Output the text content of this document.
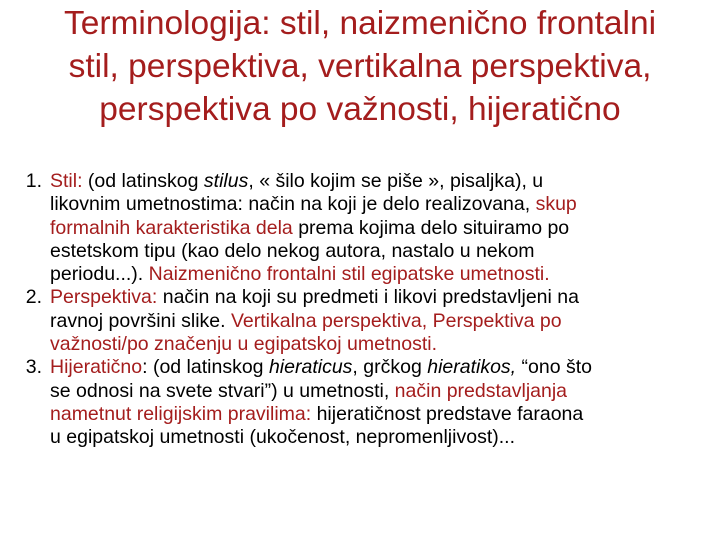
Terminologija: stil, naizmenično frontalni
stil, perspektiva, vertikalna perspektiva,
perspektiva po važnosti, hijeratično
1. Stil: (od latinskog stilus, « šilo kojim se piše », pisaljka), u
likovnim umetnostima: način na koji je delo realizovana, skup
formalnih karakteristika dela prema kojima delo situiramo po
estetskom tipu (kao delo nekog autora, nastalo u nekom
periodu...). Naizmenično frontalni stil egipatske umetnosti.
2. Perspektiva: način na koji su predmeti i likovi predstavljeni na
ravnoj površini slike. Vertikalna perspektiva, Perspektiva po
važnosti/po značenju u egipatskoj umetnosti.
3. Hijeratično: (od latinskog hieraticus, grčkog hieratikos, “ono što
se odnosi na svete stvari”) u umetnosti, način predstavljanja
nametnut religijskim pravilima: hijeratičnost predstave faraona
u egipatskoj umetnosti (ukočenost, nepromenljivost)...
